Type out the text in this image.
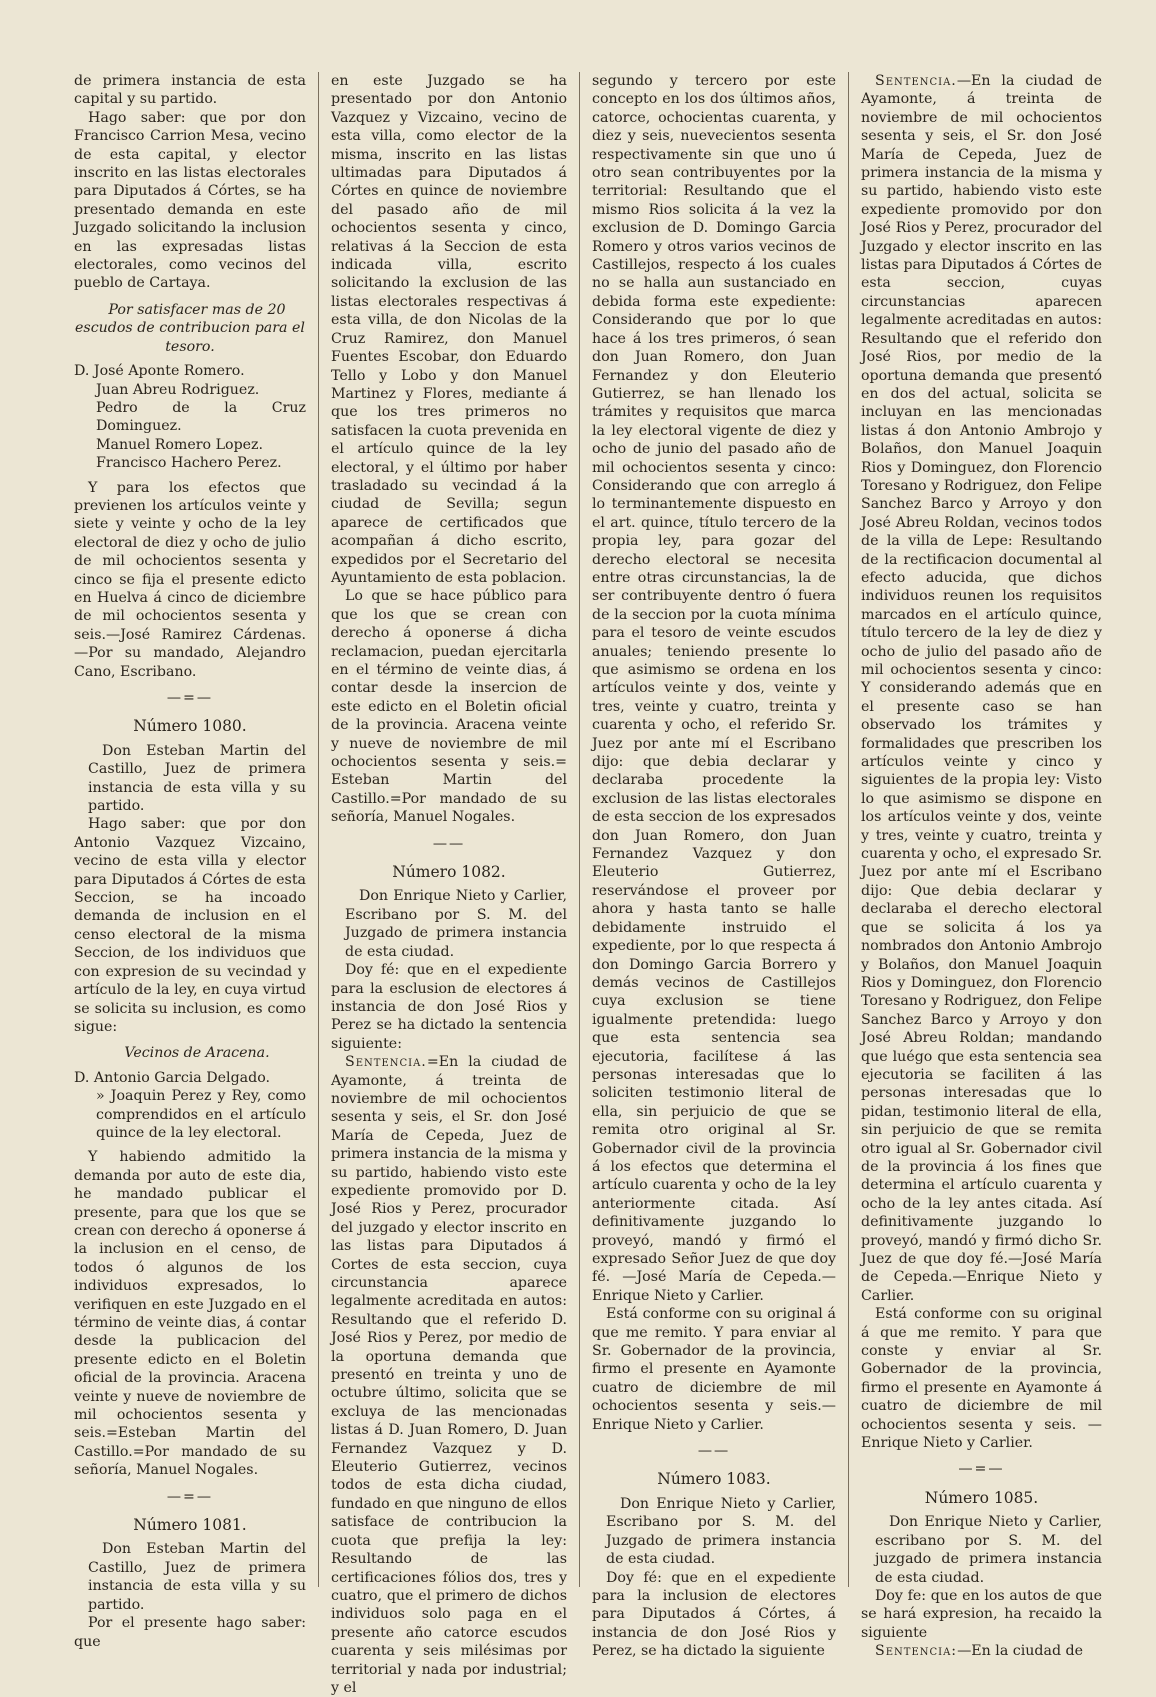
de primera instancia de esta capital y su partido.

Hago saber: que por don Francisco Carrion Mesa, vecino de esta capital, y elector inscrito en las listas electorales para Diputados á Córtes, se ha presentado demanda en este Juzgado solicitando la inclusion en las expresadas listas electorales, como vecinos del pueblo de Cartaya.

Por satisfacer mas de 20 escudos de contribucion para el tesoro.

D. José Aponte Romero.
Juan Abreu Rodriguez.
Pedro de la Cruz Dominguez.
Manuel Romero Lopez.
Francisco Hachero Perez.

Y para los efectos que previenen los artículos veinte y siete y veinte y ocho de la ley electoral de diez y ocho de julio de mil ochocientos sesenta y cinco se fija el presente edicto en Huelva á cinco de diciembre de mil ochocientos sesenta y seis.—José Ramirez Cárdenas. —Por su mandado, Alejandro Cano, Escribano.

—=—
Número 1080.

Don Esteban Martin del Castillo, Juez de primera instancia de esta villa y su partido.

Hago saber: que por don Antonio Vazquez Vizcaino, vecino de esta villa y elector para Diputados á Córtes de esta Seccion, se ha incoado demanda de inclusion en el censo electoral de la misma Seccion, de los individuos que con expresion de su vecindad y artículo de la ley, en cuya virtud se solicita su inclusion, es como sigue:

Vecinos de Aracena.

D. Antonio Garcia Delgado.
» Joaquin Perez y Rey, como comprendidos en el artículo quince de la ley electoral.

Y habiendo admitido la demanda por auto de este dia, he mandado publicar el presente, para que los que se crean con derecho á oponerse á la inclusion en el censo, de todos ó algunos de los individuos expresados, lo verifiquen en este Juzgado en el término de veinte dias, á contar desde la publicacion del presente edicto en el Boletin oficial de la provincia. Aracena veinte y nueve de noviembre de mil ochocientos sesenta y seis.=Esteban Martin del Castillo.=Por mandado de su señoría, Manuel Nogales.

—=—
Número 1081.

Don Esteban Martin del Castillo, Juez de primera instancia de esta villa y su partido.

Por el presente hago saber: que

en este Juzgado se ha presentado por don Antonio Vazquez y Vizcaino, vecino de esta villa, como elector de la misma, inscrito en las listas ultimadas para Diputados á Córtes en quince de noviembre del pasado año de mil ochocientos sesenta y cinco, relativas á la Seccion de esta indicada villa, escrito solicitando la exclusion de las listas electorales respectivas á esta villa, de don Nicolas de la Cruz Ramirez, don Manuel Fuentes Escobar, don Eduardo Tello y Lobo y don Manuel Martinez y Flores, mediante á que los tres primeros no satisfacen la cuota prevenida en el artículo quince de la ley electoral, y el último por haber trasladado su vecindad á la ciudad de Sevilla; segun aparece de certificados que acompañan á dicho escrito, expedidos por el Secretario del Ayuntamiento de esta poblacion.

Lo que se hace público para que los que se crean con derecho á oponerse á dicha reclamacion, puedan ejercitarla en el término de veinte dias, á contar desde la insercion de este edicto en el Boletin oficial de la provincia. Aracena veinte y nueve de noviembre de mil ochocientos sesenta y seis.= Esteban Martin del Castillo.=Por mandado de su señoría, Manuel Nogales.

——
Número 1082.

Don Enrique Nieto y Carlier, Escribano por S. M. del Juzgado de primera instancia de esta ciudad.

Doy fé: que en el expediente para la esclusion de electores á instancia de don José Rios y Perez se ha dictado la sentencia siguiente:

Sentencia.=En la ciudad de Ayamonte, á treinta de noviembre de mil ochocientos sesenta y seis, el Sr. don José María de Cepeda, Juez de primera instancia de la misma y su partido, habiendo visto este expediente promovido por D. José Rios y Perez, procurador del juzgado y elector inscrito en las listas para Diputados á Cortes de esta seccion, cuya circunstancia aparece legalmente acreditada en autos: Resultando que el referido D. José Rios y Perez, por medio de la oportuna demanda que presentó en treinta y uno de octubre último, solicita que se excluya de las mencionadas listas á D. Juan Romero, D. Juan Fernandez Vazquez y D. Eleuterio Gutierrez, vecinos todos de esta dicha ciudad, fundado en que ninguno de ellos satisface de contribucion la cuota que prefija la ley: Resultando de las certificaciones fólios dos, tres y cuatro, que el primero de dichos individuos solo paga en el presente año catorce escudos cuarenta y seis milésimas por territorial y nada por industrial; y el

segundo y tercero por este concepto en los dos últimos años, catorce, ochocientas cuarenta, y diez y seis, nuevecientos sesenta respectivamente sin que uno ú otro sean contribuyentes por la territorial: Resultando que el mismo Rios solicita á la vez la exclusion de D. Domingo Garcia Romero y otros varios vecinos de Castillejos, respecto á los cuales no se halla aun sustanciado en debida forma este expediente: Considerando que por lo que hace á los tres primeros, ó sean don Juan Romero, don Juan Fernandez y don Eleuterio Gutierrez, se han llenado los trámites y requisitos que marca la ley electoral vigente de diez y ocho de junio del pasado año de mil ochocientos sesenta y cinco: Considerando que con arreglo á lo terminantemente dispuesto en el art. quince, título tercero de la propia ley, para gozar del derecho electoral se necesita entre otras circunstancias, la de ser contribuyente dentro ó fuera de la seccion por la cuota mínima para el tesoro de veinte escudos anuales; teniendo presente lo que asimismo se ordena en los artículos veinte y dos, veinte y tres, veinte y cuatro, treinta y cuarenta y ocho, el referido Sr. Juez por ante mí el Escribano dijo: que debia declarar y declaraba procedente la exclusion de las listas electorales de esta seccion de los expresados don Juan Romero, don Juan Fernandez Vazquez y don Eleuterio Gutierrez, reservándose el proveer por ahora y hasta tanto se halle debidamente instruido el expediente, por lo que respecta á don Domingo Garcia Borrero y demás vecinos de Castillejos cuya exclusion se tiene igualmente pretendida: luego que esta sentencia sea ejecutoria, facilítese á las personas interesadas que lo soliciten testimonio literal de ella, sin perjuicio de que se remita otro original al Sr. Gobernador civil de la provincia á los efectos que determina el artículo cuarenta y ocho de la ley anteriormente citada. Así definitivamente juzgando lo proveyó, mandó y firmó el expresado Señor Juez de que doy fé. —José María de Cepeda.—Enrique Nieto y Carlier.

Está conforme con su original á que me remito. Y para enviar al Sr. Gobernador de la provincia, firmo el presente en Ayamonte cuatro de diciembre de mil ochocientos sesenta y seis.—Enrique Nieto y Carlier.

——
Número 1083.

Don Enrique Nieto y Carlier, Escribano por S. M. del Juzgado de primera instancia de esta ciudad.

Doy fé: que en el expediente para la inclusion de electores para Diputados á Córtes, á instancia de don José Rios y Perez, se ha dictado la siguiente

Sentencia.—En la ciudad de Ayamonte, á treinta de noviembre de mil ochocientos sesenta y seis, el Sr. don José María de Cepeda, Juez de primera instancia de la misma y su partido, habiendo visto este expediente promovido por don José Rios y Perez, procurador del Juzgado y elector inscrito en las listas para Diputados á Córtes de esta seccion, cuyas circunstancias aparecen legalmente acreditadas en autos: Resultando que el referido don José Rios, por medio de la oportuna demanda que presentó en dos del actual, solicita se incluyan en las mencionadas listas á don Antonio Ambrojo y Bolaños, don Manuel Joaquin Rios y Dominguez, don Florencio Toresano y Rodriguez, don Felipe Sanchez Barco y Arroyo y don José Abreu Roldan, vecinos todos de la villa de Lepe: Resultando de la rectificacion documental al efecto aducida, que dichos individuos reunen los requisitos marcados en el artículo quince, título tercero de la ley de diez y ocho de julio del pasado año de mil ochocientos sesenta y cinco: Y considerando además que en el presente caso se han observado los trámites y formalidades que prescriben los artículos veinte y cinco y siguientes de la propia ley: Visto lo que asimismo se dispone en los artículos veinte y dos, veinte y tres, veinte y cuatro, treinta y cuarenta y ocho, el expresado Sr. Juez por ante mí el Escribano dijo: Que debia declarar y declaraba el derecho electoral que se solicita á los ya nombrados don Antonio Ambrojo y Bolaños, don Manuel Joaquin Rios y Dominguez, don Florencio Toresano y Rodriguez, don Felipe Sanchez Barco y Arroyo y don José Abreu Roldan; mandando que luégo que esta sentencia sea ejecutoria se faciliten á las personas interesadas que lo pidan, testimonio literal de ella, sin perjuicio de que se remita otro igual al Sr. Gobernador civil de la provincia á los fines que determina el artículo cuarenta y ocho de la ley antes citada. Así definitivamente juzgando lo proveyó, mandó y firmó dicho Sr. Juez de que doy fé.—José María de Cepeda.—Enrique Nieto y Carlier.

Está conforme con su original á que me remito. Y para que conste y enviar al Sr. Gobernador de la provincia, firmo el presente en Ayamonte á cuatro de diciembre de mil ochocientos sesenta y seis. —Enrique Nieto y Carlier.

—=—
Número 1085.

Don Enrique Nieto y Carlier, escribano por S. M. del juzgado de primera instancia de esta ciudad.

Doy fe: que en los autos de que se hará expresion, ha recaido la siguiente

Sentencia:—En la ciudad de
